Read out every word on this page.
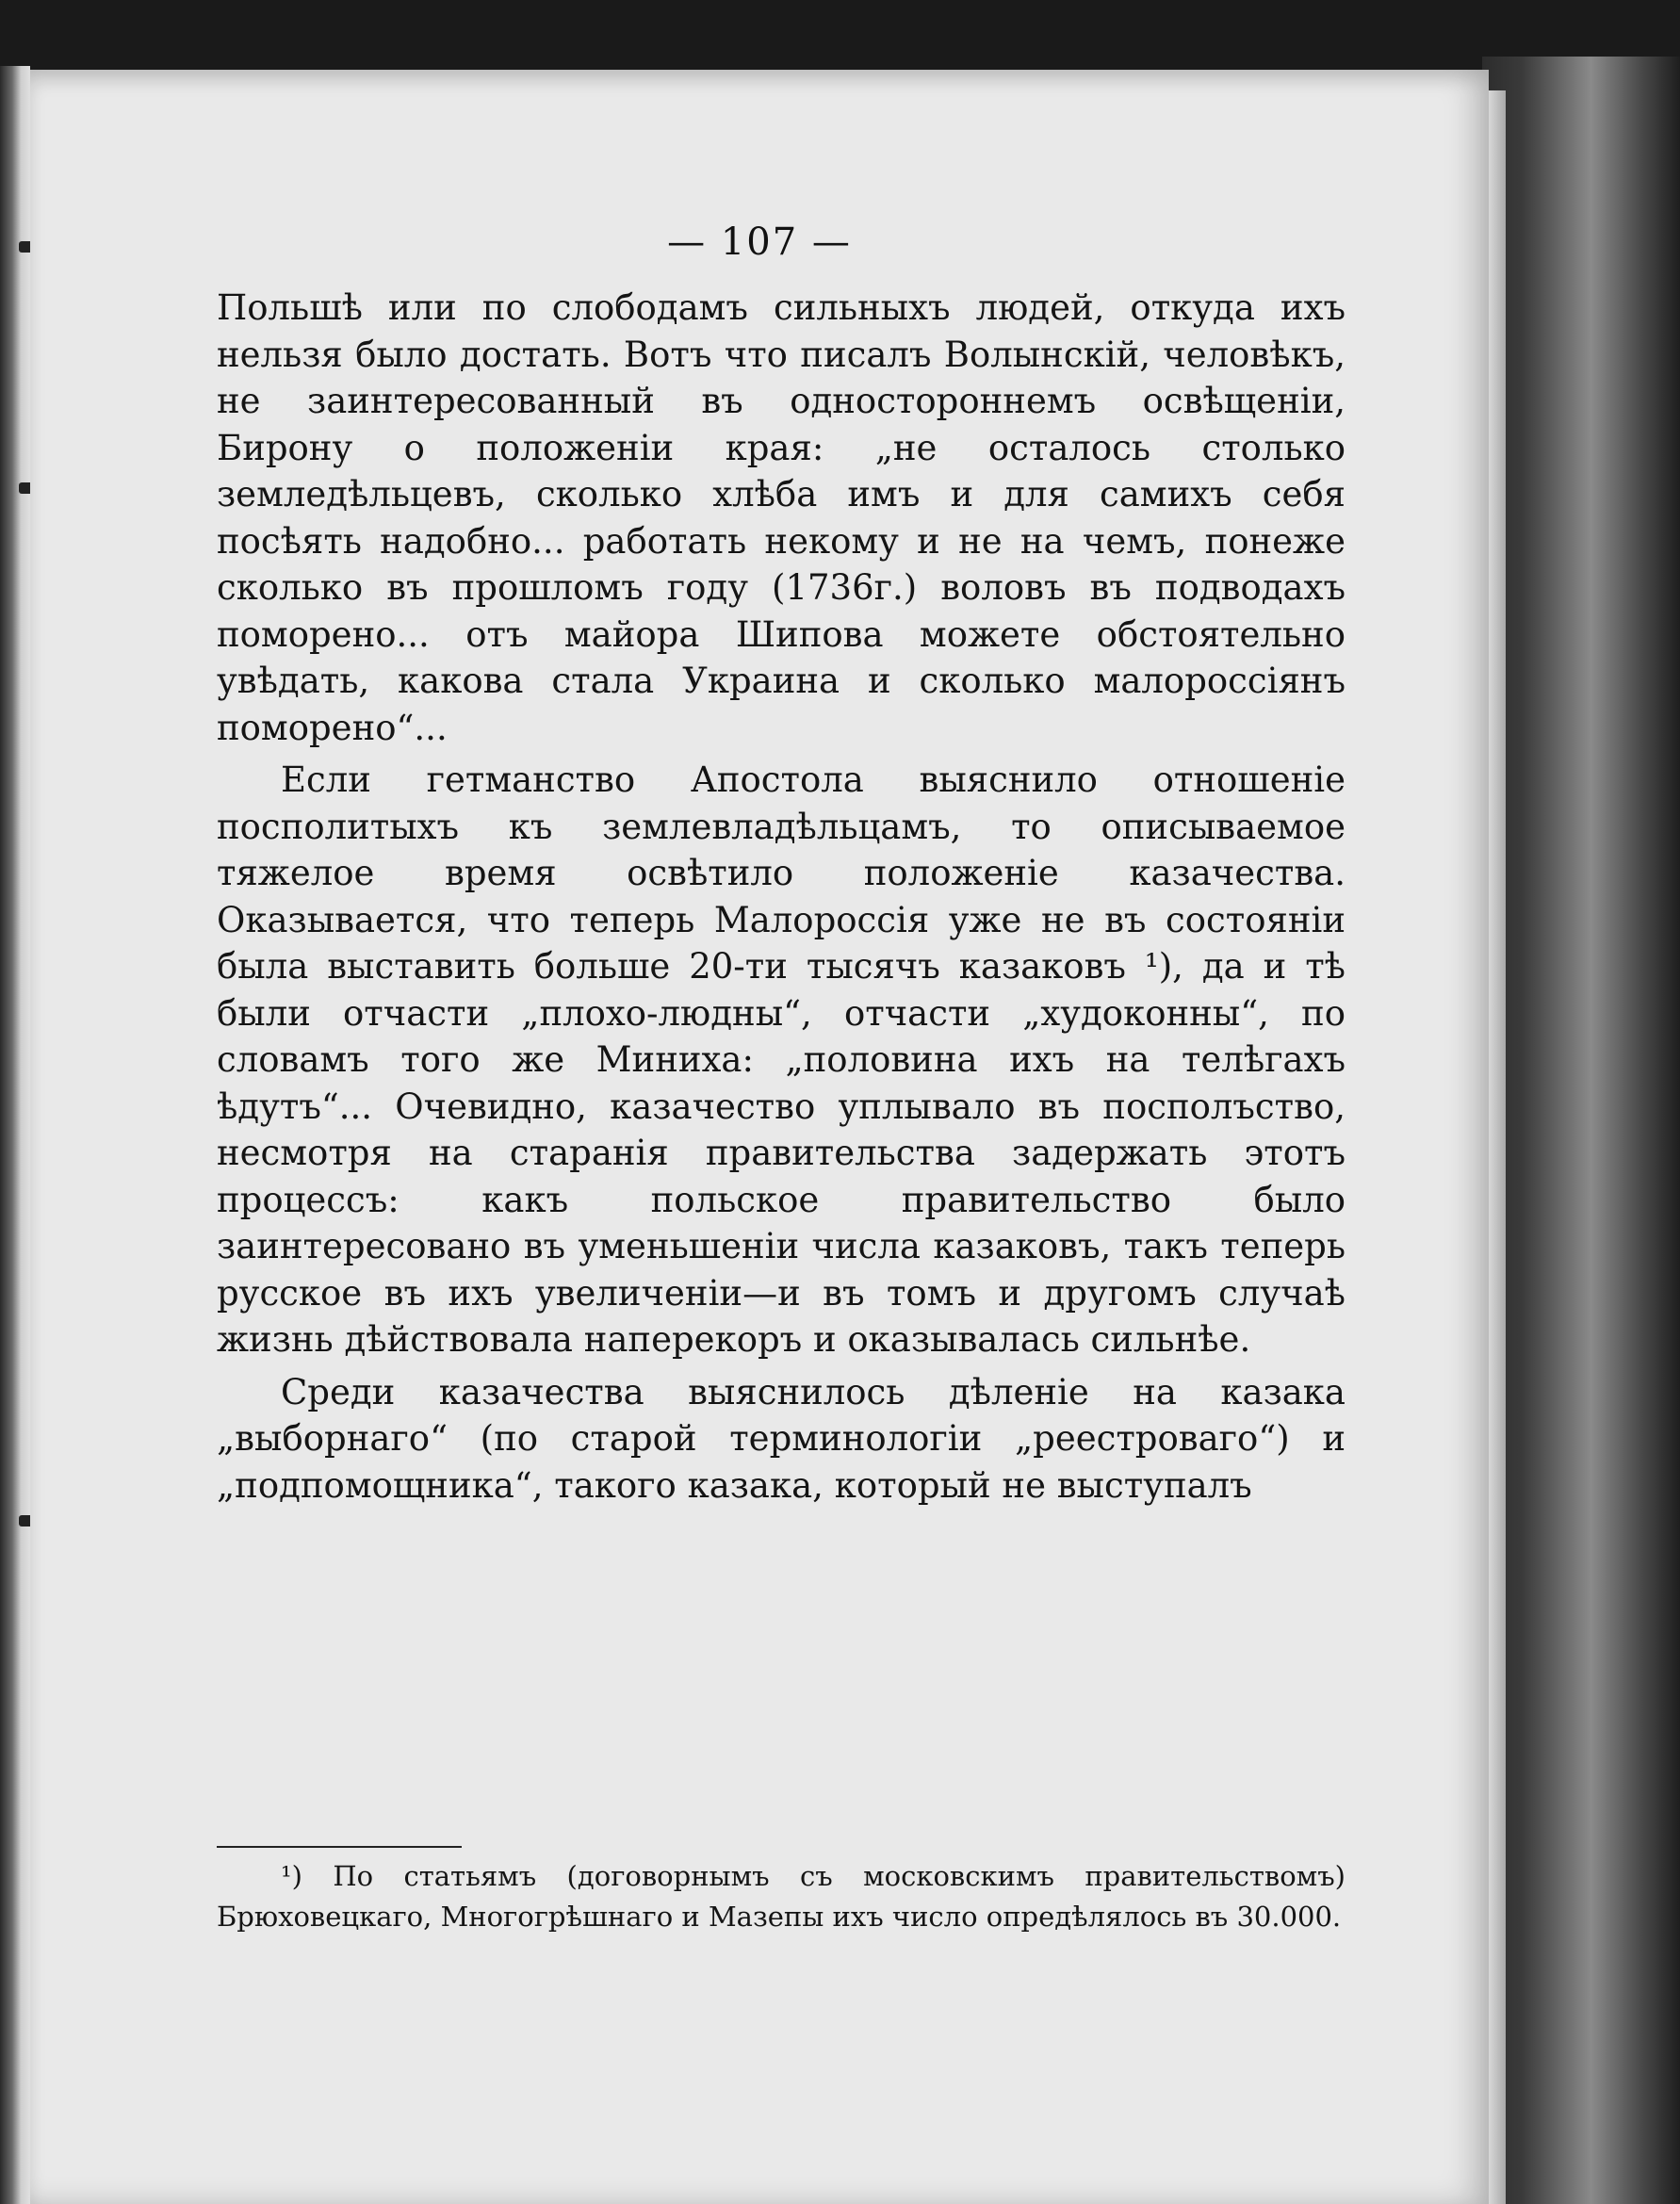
— 107 —

Польшѣ или по слободамъ сильныхъ людей, откуда ихъ нельзя было достать. Вотъ что писалъ Волынскій, человѣкъ, не заинтересованный въ одностороннемъ освѣщеніи, Бирону о положеніи края: „не осталось столько земледѣльцевъ, сколько хлѣба имъ и для самихъ себя посѣять надобно... работать некому и не на чемъ, понеже сколько въ прошломъ году (1736г.) воловъ въ подводахъ поморено... отъ майора Шипова можете обстоятельно увѣдать, какова стала Украина и сколько малороссіянъ поморено“...

Если гетманство Апостола выяснило отношеніе посполитыхъ къ землевладѣльцамъ, то описываемое тяжелое время освѣтило положеніе казачества. Оказывается, что теперь Малороссія уже не въ состояніи была выставить больше 20-ти тысячъ казаковъ ¹), да и тѣ были отчасти „плохо-людны“, отчасти „худоконны“, по словамъ того же Миниха: „половина ихъ на телѣгахъ ѣдутъ“... Очевидно, казачество уплывало въ посполъство, несмотря на старанія правительства задержать этотъ процессъ: какъ польское правительство было заинтересовано въ уменьшеніи числа казаковъ, такъ теперь русское въ ихъ увеличеніи—и въ томъ и другомъ случаѣ жизнь дѣйствовала наперекоръ и оказывалась сильнѣе.

Среди казачества выяснилось дѣленіе на казака „выборнаго“ (по старой терминологіи „реестроваго“) и „подпомощника“, такого казака, который не выступалъ

¹) По статьямъ (договорнымъ съ московскимъ правительствомъ) Брюховецкаго, Многогрѣшнаго и Мазепы ихъ число опредѣлялось въ 30.000.
